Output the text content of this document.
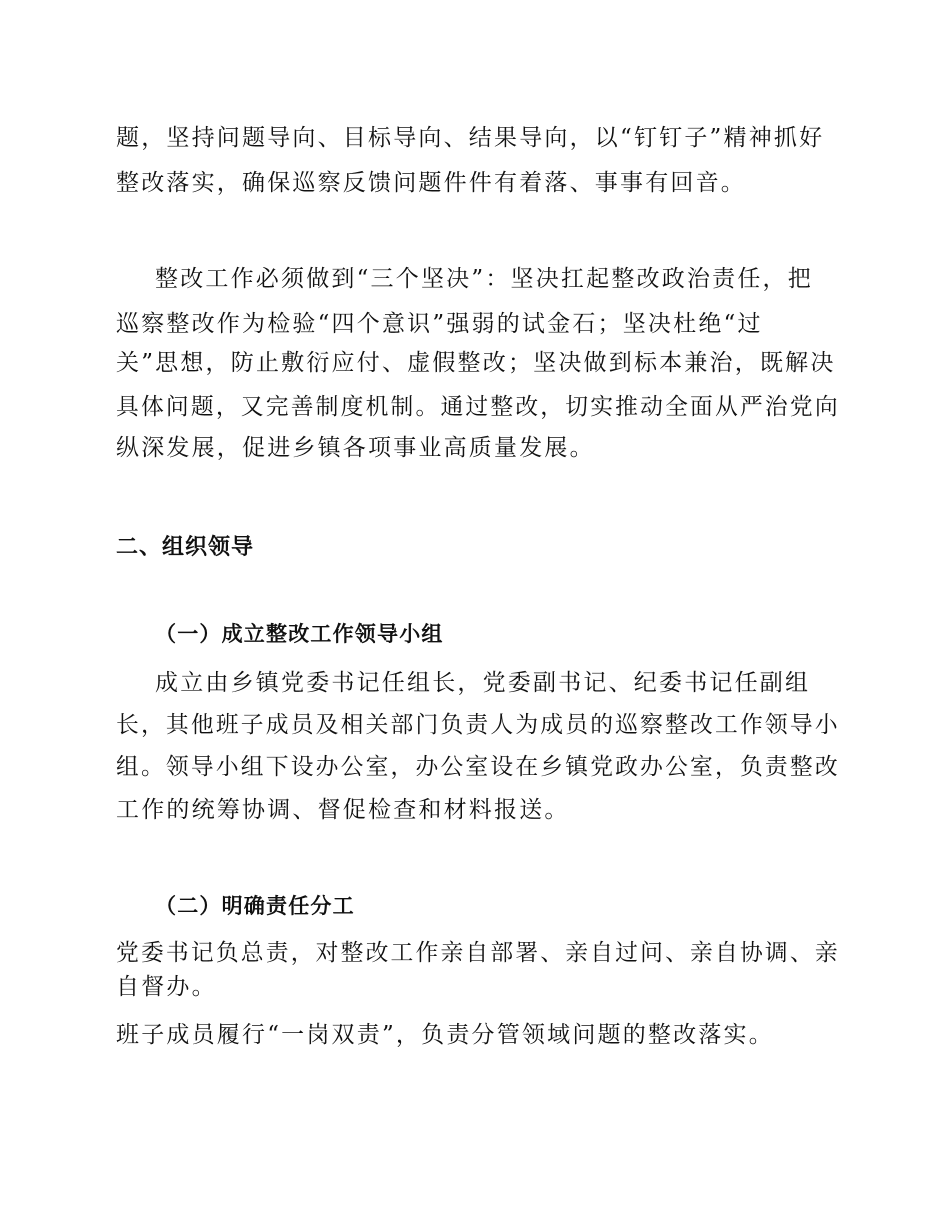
题，坚持问题导向、目标导向、结果导向，以“钉钉子”精神抓好
整改落实，确保巡察反馈问题件件有着落、事事有回音。
整改工作必须做到“三个坚决”：坚决扛起整改政治责任，把
巡察整改作为检验“四个意识”强弱的试金石；坚决杜绝“过
关”思想，防止敷衍应付、虚假整改；坚决做到标本兼治，既解决
具体问题，又完善制度机制。通过整改，切实推动全面从严治党向
纵深发展，促进乡镇各项事业高质量发展。
二、组织领导
（一）成立整改工作领导小组
成立由乡镇党委书记任组长，党委副书记、纪委书记任副组
长，其他班子成员及相关部门负责人为成员的巡察整改工作领导小
组。领导小组下设办公室，办公室设在乡镇党政办公室，负责整改
工作的统筹协调、督促检查和材料报送。
（二）明确责任分工
党委书记负总责，对整改工作亲自部署、亲自过问、亲自协调、亲
自督办。
班子成员履行“一岗双责”，负责分管领域问题的整改落实。
